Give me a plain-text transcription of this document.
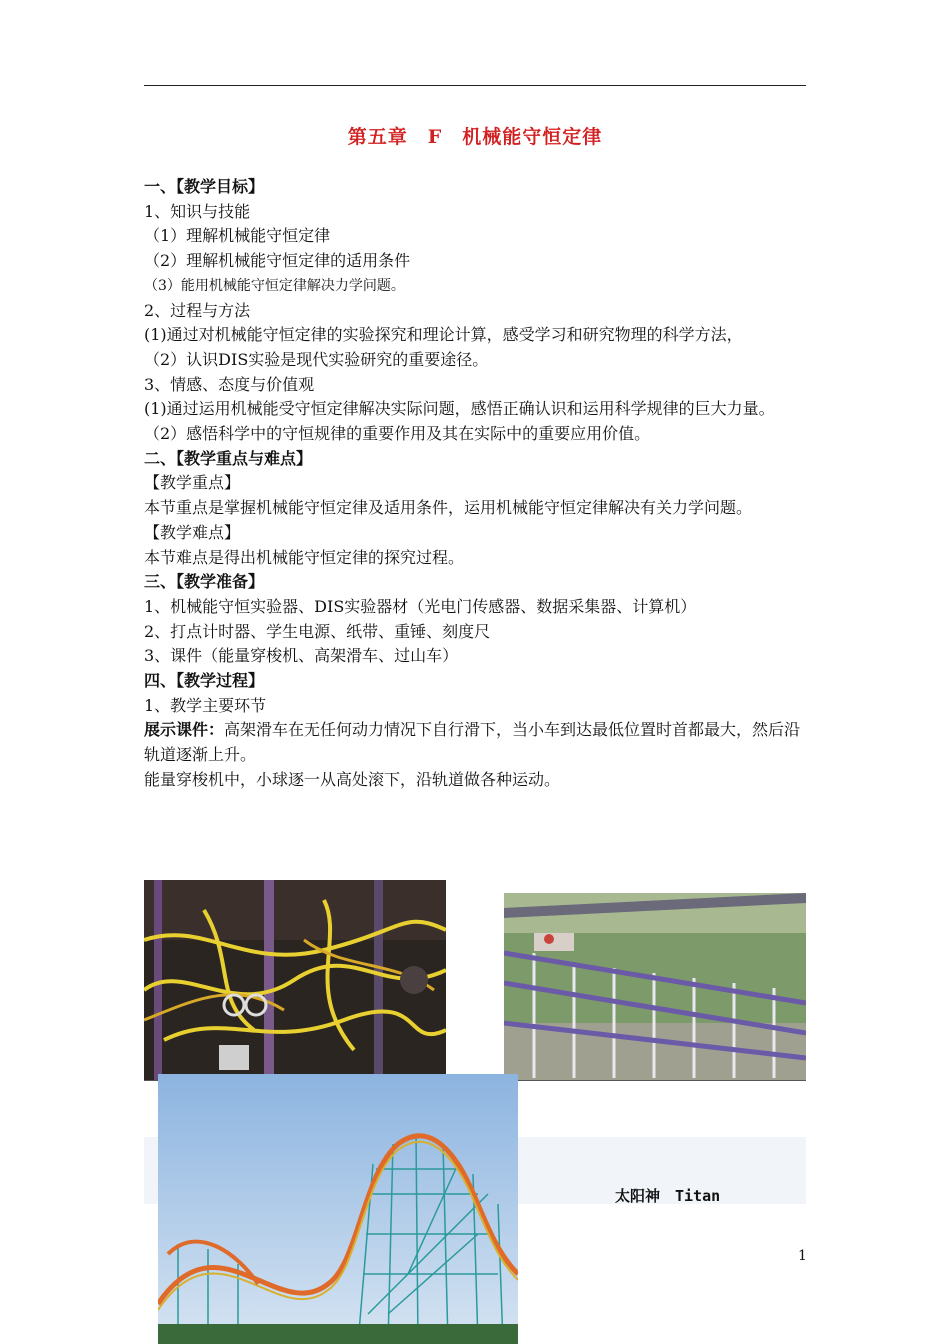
第五章　F　机械能守恒定律

一、【教学目标】

1、知识与技能

（1）理解机械能守恒定律

（2）理解机械能守恒定律的适用条件

（3）能用机械能守恒定律解决力学问题。

2、过程与方法

(1)通过对机械能守恒定律的实验探究和理论计算，感受学习和研究物理的科学方法，

（2）认识DIS实验是现代实验研究的重要途径。

3、情感、态度与价值观

(1)通过运用机械能受守恒定律解决实际问题，感悟正确认识和运用科学规律的巨大力量。

（2）感悟科学中的守恒规律的重要作用及其在实际中的重要应用价值。

二、【教学重点与难点】

【教学重点】

本节重点是掌握机械能守恒定律及适用条件，运用机械能守恒定律解决有关力学问题。

【教学难点】

本节难点是得出机械能守恒定律的探究过程。

三、【教学准备】

1、机械能守恒实验器、DIS实验器材（光电门传感器、数据采集器、计算机）

2、打点计时器、学生电源、纸带、重锤、刻度尺

3、课件（能量穿梭机、高架滑车、过山车）

四、【教学过程】

1、教学主要环节

展示课件：高架滑车在无任何动力情况下自行滑下，当小车到达最低位置时首都最大，然后沿轨道逐渐上升。

能量穿梭机中，小球逐一从高处滚下，沿轨道做各种运动。

太阳神　Titan
1
